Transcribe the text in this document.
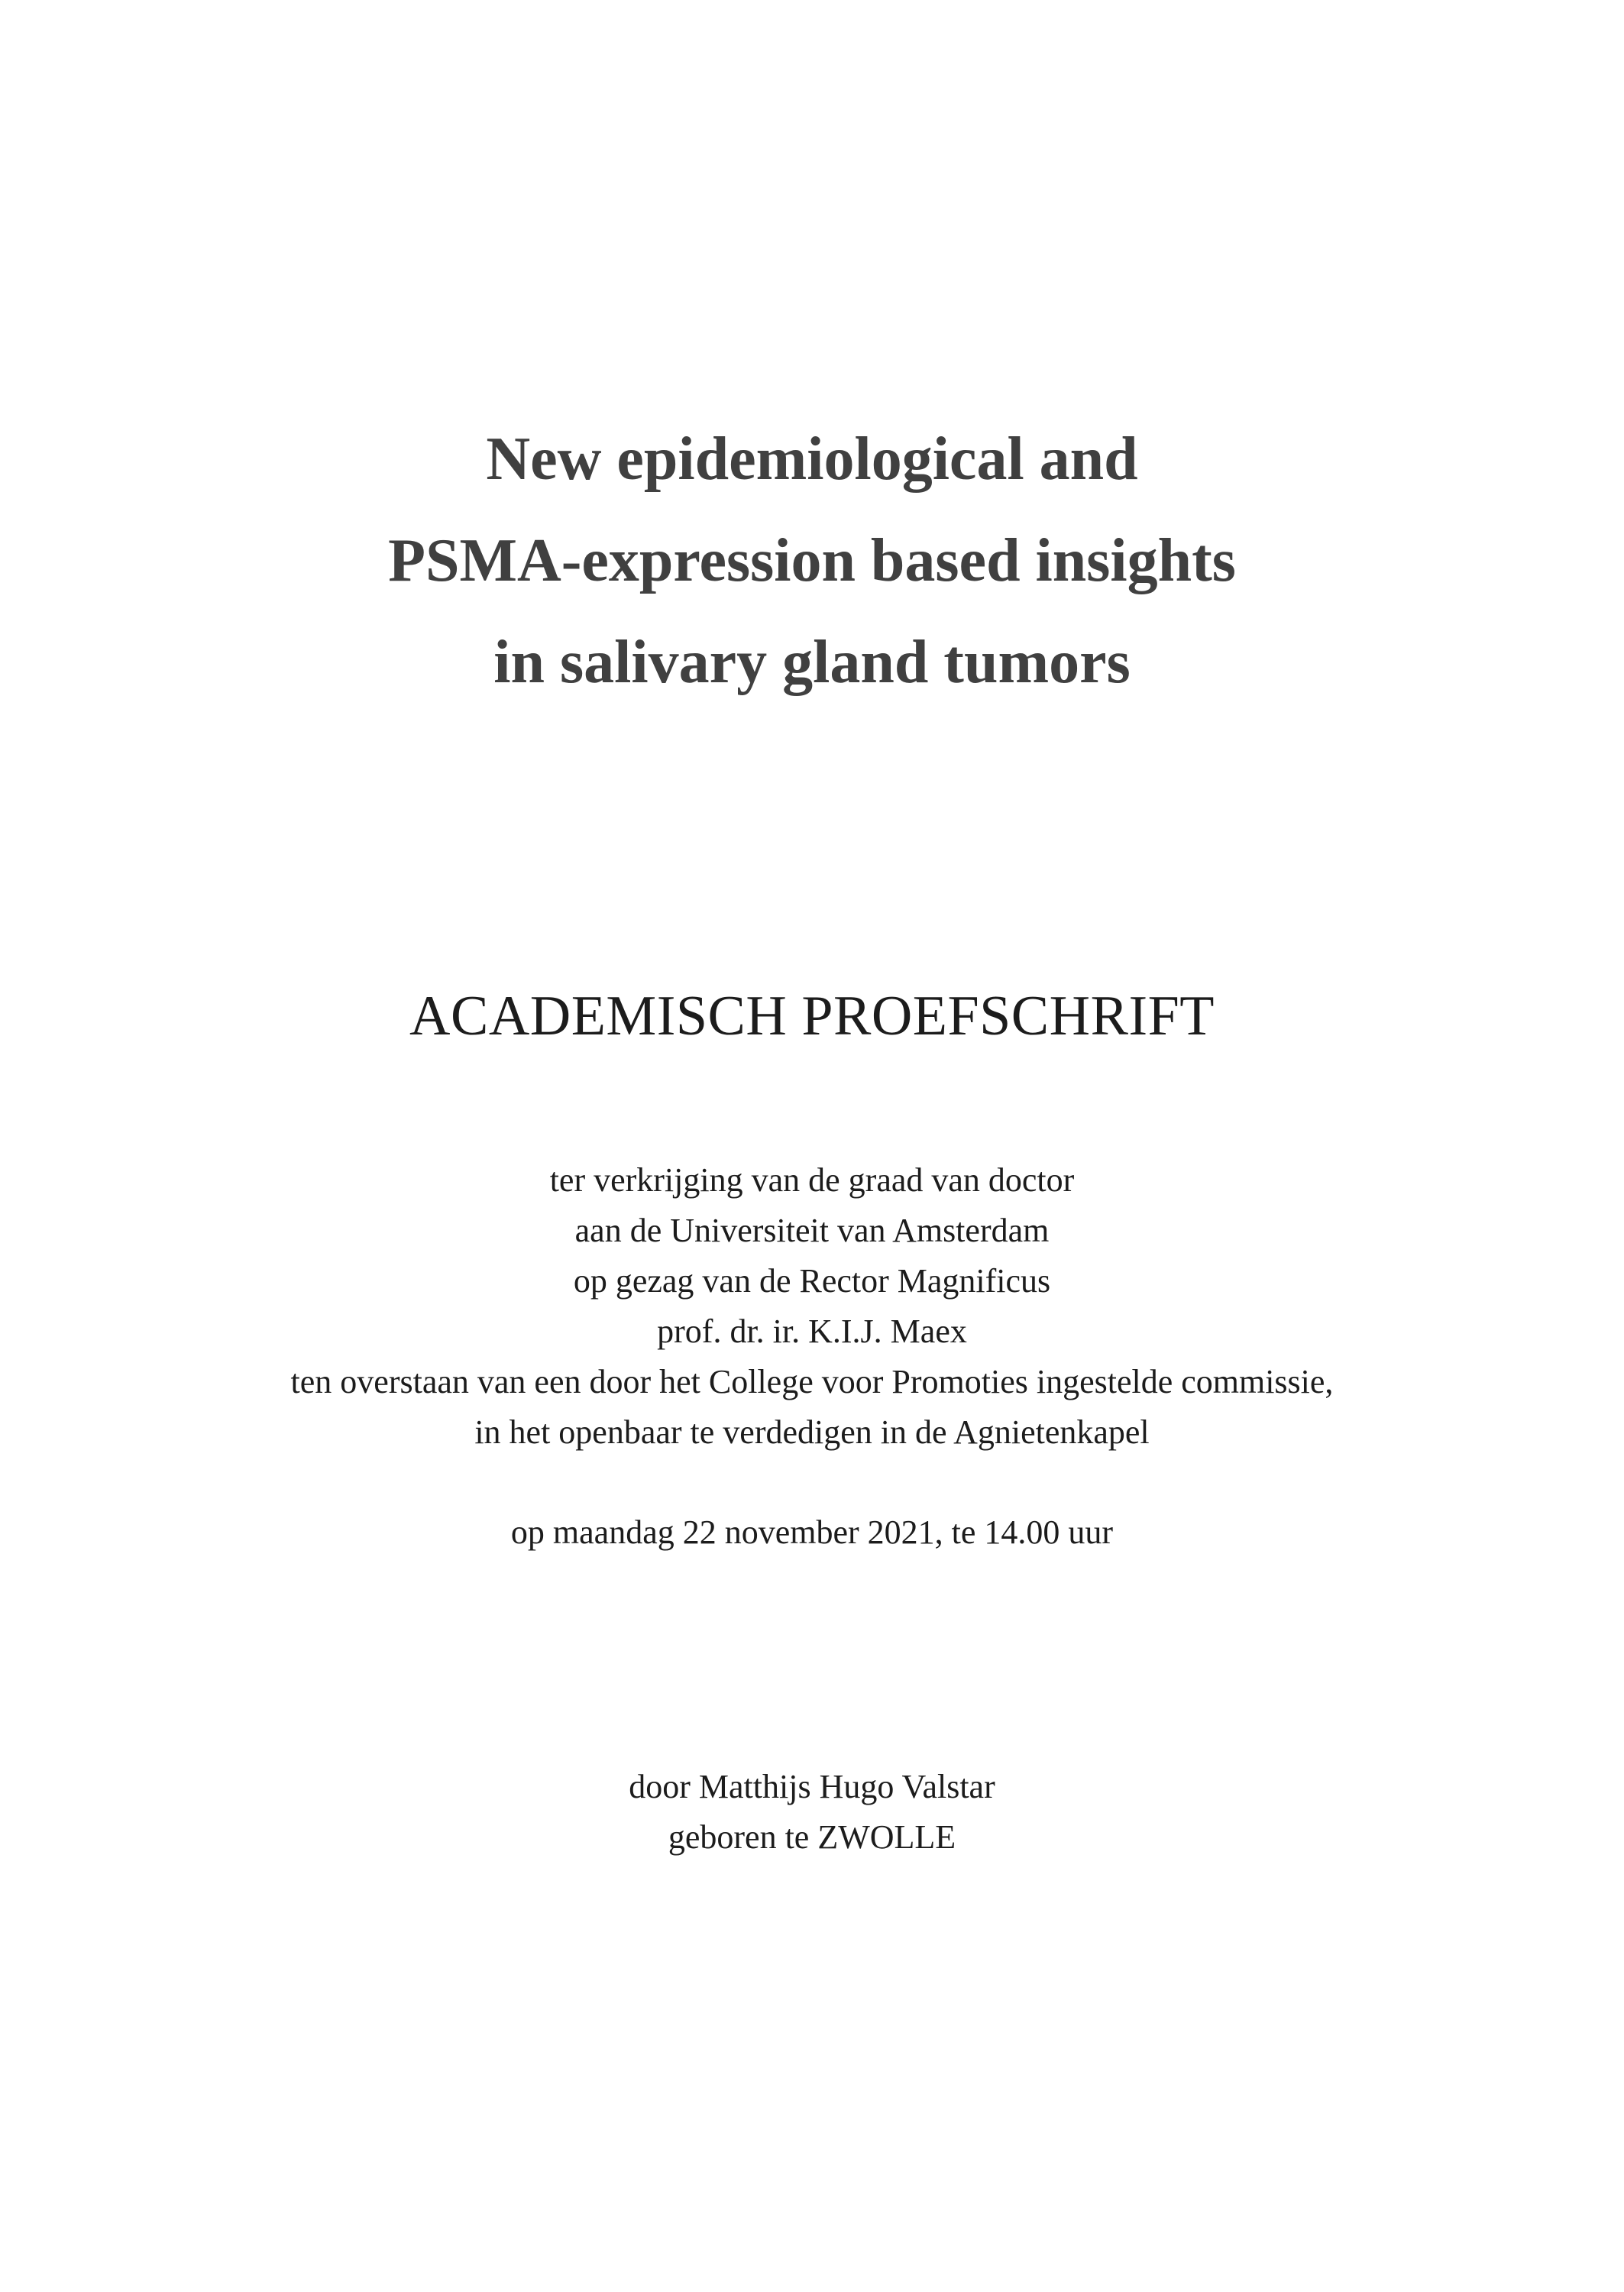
New epidemiological and
PSMA-expression based insights
in salivary gland tumors
ACADEMISCH PROEFSCHRIFT
ter verkrijging van de graad van doctor
aan de Universiteit van Amsterdam
op gezag van de Rector Magnificus
prof. dr. ir. K.I.J. Maex
ten overstaan van een door het College voor Promoties ingestelde commissie,
in het openbaar te verdedigen in de Agnietenkapel
op maandag 22 november 2021, te 14.00 uur
door Matthijs Hugo Valstar
geboren te ZWOLLE
